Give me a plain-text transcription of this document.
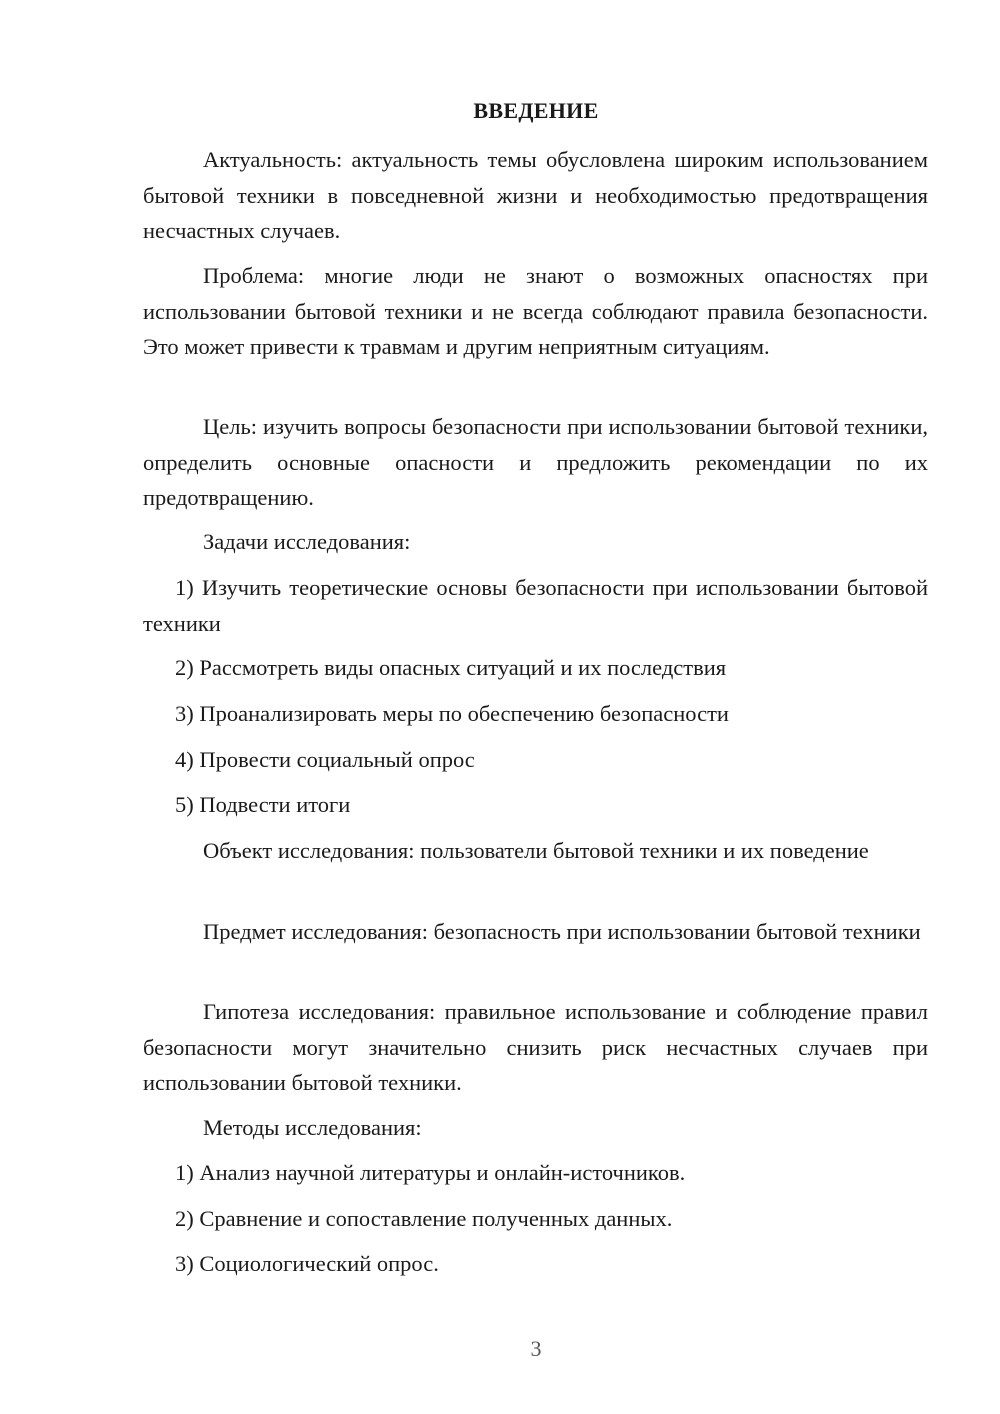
ВВЕДЕНИЕ

Актуальность: актуальность темы обусловлена широким использованием бытовой техники в повседневной жизни и необходимостью предотвращения несчастных случаев.

Проблема: многие люди не знают о возможных опасностях при использовании бытовой техники и не всегда соблюдают правила безопасности. Это может привести к травмам и другим неприятным ситуациям.

Цель: изучить вопросы безопасности при использовании бытовой техники, определить основные опасности и предложить рекомендации по их предотвращению.

Задачи исследования:

1) Изучить теоретические основы безопасности при использовании бытовой техники

2) Рассмотреть виды опасных ситуаций и их последствия

3) Проанализировать меры по обеспечению безопасности

4) Провести социальный опрос

5) Подвести итоги

Объект исследования: пользователи бытовой техники и их поведение

Предмет исследования: безопасность при использовании бытовой техники

Гипотеза исследования: правильное использование и соблюдение правил безопасности могут значительно снизить риск несчастных случаев при использовании бытовой техники.

Методы исследования:

1) Анализ научной литературы и онлайн-источников.

2) Сравнение и сопоставление полученных данных.

3) Социологический опрос.

3
